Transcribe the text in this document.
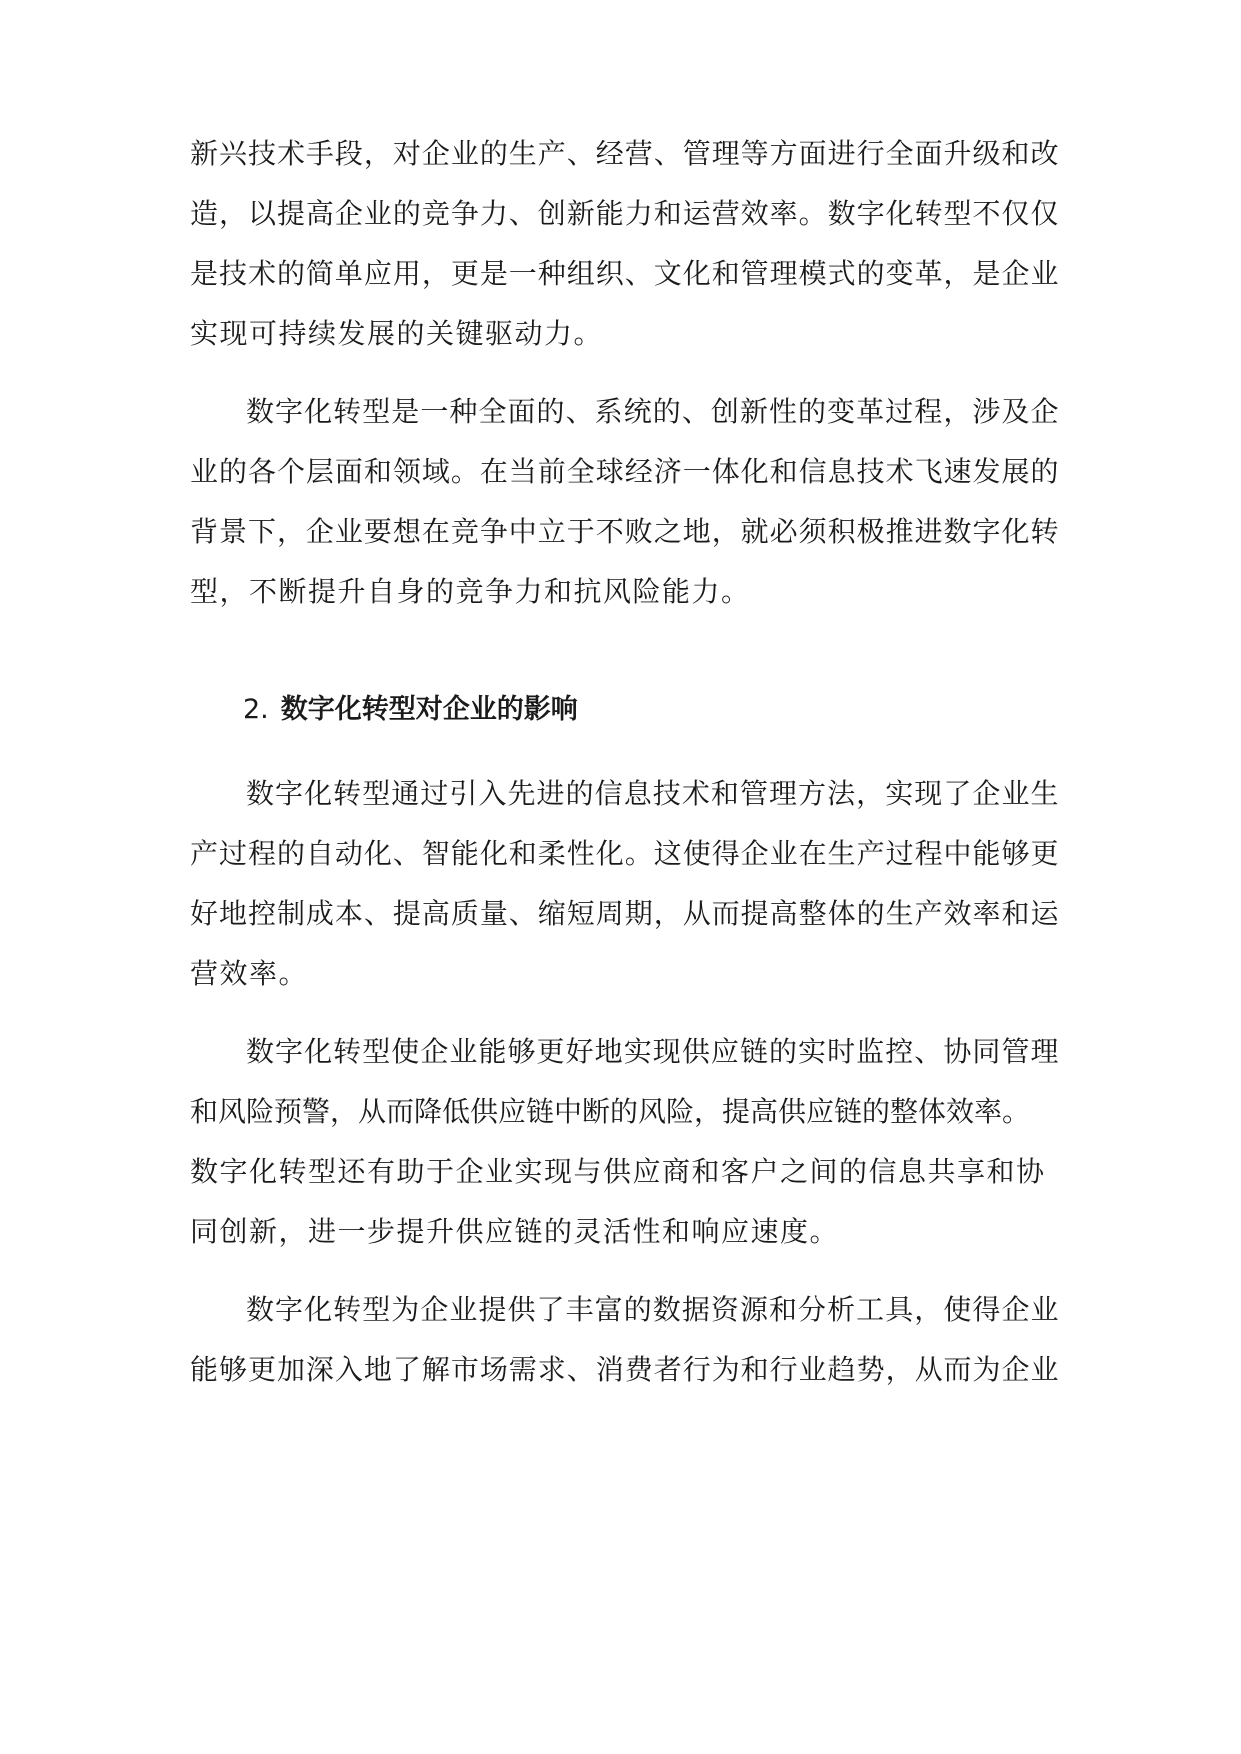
新兴技术手段，对企业的生产、经营、管理等方面进行全面升级和改

造，以提高企业的竞争力、创新能力和运营效率。数字化转型不仅仅

是技术的简单应用，更是一种组织、文化和管理模式的变革，是企业

实现可持续发展的关键驱动力。

数字化转型是一种全面的、系统的、创新性的变革过程，涉及企

业的各个层面和领域。在当前全球经济一体化和信息技术飞速发展的

背景下，企业要想在竞争中立于不败之地，就必须积极推进数字化转

型，不断提升自身的竞争力和抗风险能力。

2. 数字化转型对企业的影响

数字化转型通过引入先进的信息技术和管理方法，实现了企业生

产过程的自动化、智能化和柔性化。这使得企业在生产过程中能够更

好地控制成本、提高质量、缩短周期，从而提高整体的生产效率和运

营效率。

数字化转型使企业能够更好地实现供应链的实时监控、协同管理

和风险预警，从而降低供应链中断的风险，提高供应链的整体效率。

数字化转型还有助于企业实现与供应商和客户之间的信息共享和协

同创新，进一步提升供应链的灵活性和响应速度。

数字化转型为企业提供了丰富的数据资源和分析工具，使得企业

能够更加深入地了解市场需求、消费者行为和行业趋势，从而为企业
